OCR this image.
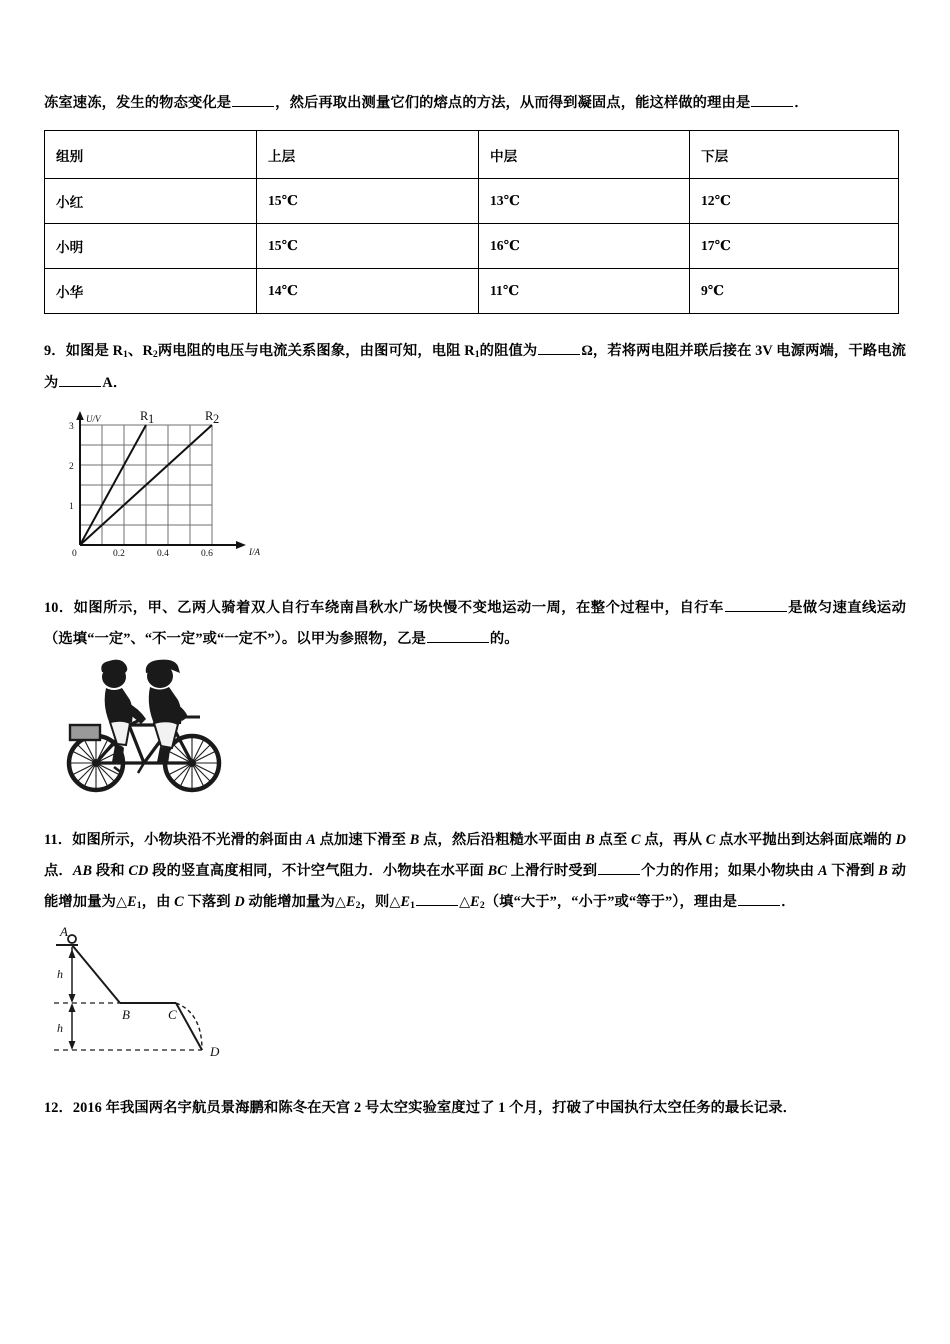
冻室速冻，发生的物态变化是	，然后再取出测量它们的熔点的方法，从而得到凝固点，能这样做的理由是	．

组别	上层	中层	下层
小红	15℃	13℃	12℃
小明	15℃	16℃	17℃
小华	14℃	11℃	9℃

9．如图是 $R_1$、$R_2$两电阻的电压与电流关系图象，由图可知，电阻 $R_1$的阻值为	Ω，若将两电阻并联后接在 3V 电源两端，干路电流为	A．

U/V
I/A
3
2
1
0	0.2	0.4	0.6
R 1	R 2

10．如图所示，甲、乙两人骑着双人自行车绕南昌秋水广场快慢不变地运动一周，在整个过程中，自行车	是做匀速直线运动（选填“一定”、“不一定”或“一定不”）。以甲为参照物，乙是	的。

11．如图所示，小物块沿不光滑的斜面由 A 点加速下滑至 B 点，然后沿粗糙水平面由 B 点至 C 点，再从 C 点水平抛出到达斜面底端的 D 点．AB 段和 CD 段的竖直高度相同，不计空气阻力．小物块在水平面 BC 上滑行时受到	个力的作用；如果小物块由 A 下滑到 B 动能增加量为$\triangle E_1$，由 C 下落到 D 动能增加量为$\triangle E_2$，则$\triangle E_1$	$\triangle E_2$（填“大于”，“小于”或“等于”），理由是	．

A
B	C
D
h
h

12．2016 年我国两名宇航员景海鹏和陈冬在天宫 2 号太空实验室度过了 1 个月，打破了中国执行太空任务的最长记录．
